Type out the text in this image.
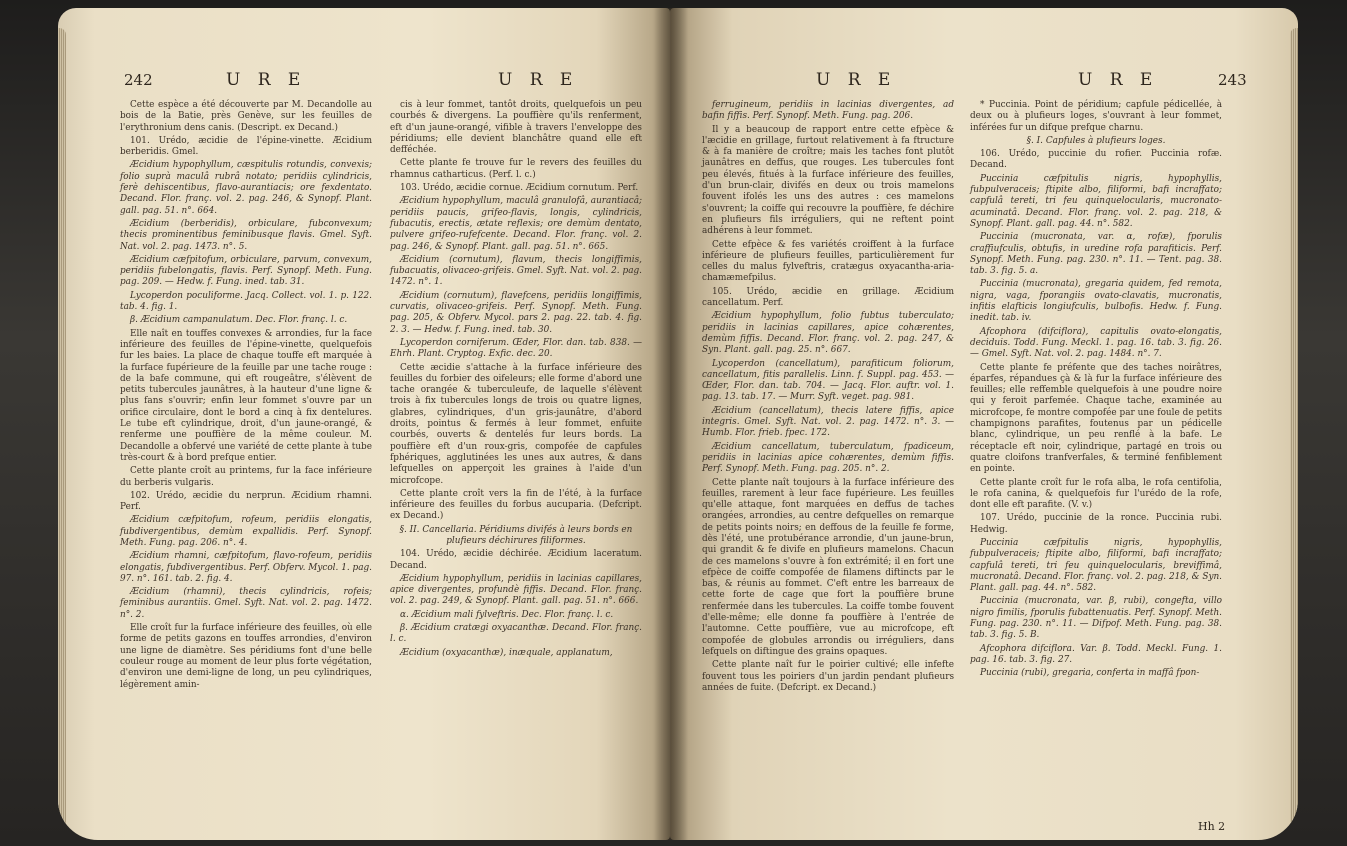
242	U R E	U R E

Cette espèce a été découverte par M. Decandolle au bois de la Batie, près Genève, sur les feuilles de l'erythronium dens canis. (Descript. ex Decand.)

101. Urédo, æcidie de l'épine-vinette. Æcidium berberidis. Gmel.

Æcidium hypophyllum, cæspitulis rotundis, convexis; folio suprà maculâ rubrâ notato; peridiis cylindricis, ferè dehiscentibus, flavo-aurantiacis; ore fexdentato. Decand. Flor. franç. vol. 2. pag. 246, & Synopf. Plant. gall. pag. 51. n°. 664.

Æcidium (berberidis), orbiculare, fubconvexum; thecis prominentibus feminibusque flavis. Gmel. Syft. Nat. vol. 2. pag. 1473. n°. 5.

Æcidium cæfpitofum, orbiculare, parvum, convexum, peridiis fubelongatis, flavis. Perf. Synopf. Meth. Fung. pag. 209. — Hedw. f. Fung. ined. tab. 31.

Lycoperdon poculiforme. Jacq. Collect. vol. 1. p. 122. tab. 4. fig. 1.

β. Æcidium campanulatum. Dec. Flor. franç. l. c.

Elle naît en touffes convexes & arrondies, fur la face inférieure des feuilles de l'épine-vinette, quelquefois fur les baies. La place de chaque touffe eft marquée à la furface fupérieure de la feuille par une tache rouge : de la bafe commune, qui eft rougeâtre, s'élèvent de petits tubercules jaunâtres, à la hauteur d'une ligne & plus fans s'ouvrir; enfin leur fommet s'ouvre par un orifice circulaire, dont le bord a cinq à fix dentelures. Le tube eft cylindrique, droit, d'un jaune-orangé, & renferme une pouffière de la même couleur. M. Decandolle a obfervé une variété de cette plante à tube très-court & à bord prefque entier.

Cette plante croît au printems, fur la face inférieure du berberis vulgaris.

102. Urédo, æcidie du nerprun. Æcidium rhamni. Perf.

Æcidium cæfpitofum, rofeum, peridiis elongatis, fubdivergentibus, demùm expallidis. Perf. Synopf. Meth. Fung. pag. 206. n°. 4.

Æcidium rhamni, cæfpitofum, flavo-rofeum, peridiis elongatis, fubdivergentibus. Perf. Obferv. Mycol. 1. pag. 97. n°. 161. tab. 2. fig. 4.

Æcidium (rhamni), thecis cylindricis, rofeis; feminibus aurantiis. Gmel. Syft. Nat. vol. 2. pag. 1472. n°. 2.

Elle croît fur la furface inférieure des feuilles, où elle forme de petits gazons en touffes arrondies, d'environ une ligne de diamètre. Ses péridiums font d'une belle couleur rouge au moment de leur plus forte végétation, d'environ une demi-ligne de long, un peu cylindriques, légèrement amin-

cis à leur fommet, tantôt droits, quelquefois un peu courbés & divergens. La pouffière qu'ils renferment, eft d'un jaune-orangé, vifible à travers l'enveloppe des péridiums; elle devient blanchâtre quand elle eft defféchée.

Cette plante fe trouve fur le revers des feuilles du rhamnus catharticus. (Perf. l. c.)

103. Urédo, æcidie cornue. Æcidium cornutum. Perf.

Æcidium hypophyllum, maculâ granulofâ, aurantiacâ; peridiis paucis, grifeo-flavis, longis, cylindricis, fubacutis, erectis, ætate reflexis; ore demùm dentato, pulvere grifeo-rufefcente. Decand. Flor. franç. vol. 2. pag. 246, & Synopf. Plant. gall. pag. 51. n°. 665.

Æcidium (cornutum), flavum, thecis longiffimis, fubacuatis, olivaceo-grifeis. Gmel. Syft. Nat. vol. 2. pag. 1472. n°. 1.

Æcidium (cornutum), flavefcens, peridiis longiffimis, curvatis, olivaceo-grifeis. Perf. Synopf. Meth. Fung. pag. 205, & Obferv. Mycol. pars 2. pag. 22. tab. 4. fig. 2. 3. — Hedw. f. Fung. ined. tab. 30.

Lycoperdon corniferum. Œder, Flor. dan. tab. 838. — Ehrh. Plant. Cryptog. Exfic. dec. 20.

Cette æcidie s'attache à la furface inférieure des feuilles du forbier des oifeleurs; elle forme d'abord une tache orangée & tuberculeufe, de laquelle s'élèvent trois à fix tubercules longs de trois ou quatre lignes, glabres, cylindriques, d'un gris-jaunâtre, d'abord droits, pointus & fermés à leur fommet, enfuite courbés, ouverts & dentelés fur leurs bords. La pouffière eft d'un roux-gris, compofée de capfules fphériques, agglutinées les unes aux autres, & dans lefquelles on apperçoit les graines à l'aide d'un microfcope.

Cette plante croît vers la fin de l'été, à la furface inférieure des feuilles du forbus aucuparia. (Defcript. ex Decand.)

§. II. Cancellaria. Péridiums divifés à leurs bords en plufieurs déchirures filiformes.

104. Urédo, æcidie déchirée. Æcidium laceratum. Decand.

Æcidium hypophyllum, peridiis in lacinias capillares, apice divergentes, profundè fiffis. Decand. Flor. franç. vol. 2. pag. 249, & Synopf. Plant. gall. pag. 51. n°. 666.

α. Æcidium mali fylveftris. Dec. Flor. franç. l. c.

β. Æcidium cratægi oxyacanthæ. Decand. Flor. franç. l. c.

Æcidium (oxyacanthæ), inæquale, applanatum,

U R E	U R E	243

ferrugineum, peridiis in lacinias divergentes, ad bafin fiffis. Perf. Synopf. Meth. Fung. pag. 206.

Il y a beaucoup de rapport entre cette efpèce & l'æcidie en grillage, furtout relativement à fa ftructure & à fa manière de croître; mais les taches font plutôt jaunâtres en deffus, que rouges. Les tubercules font peu élevés, fitués à la furface inférieure des feuilles, d'un brun-clair, divifés en deux ou trois mamelons fouvent ifolés les uns des autres : ces mamelons s'ouvrent; la coiffe qui recouvre la pouffière, fe déchire en plufieurs fils irréguliers, qui ne reftent point adhérens à leur fommet.

Cette efpèce & fes variétés croiffent à la furface inférieure de plufieurs feuilles, particulièrement fur celles du malus fylveftris, cratægus oxyacantha-aria-chamæmefpilus.

105. Urédo, æcidie en grillage. Æcidium cancellatum. Perf.

Æcidium hypophyllum, folio fubtus tuberculato; peridiis in lacinias capillares, apice cohærentes, demùm fiffis. Decand. Flor. franç. vol. 2. pag. 247, & Syn. Plant. gall. pag. 25. n°. 667.

Lycoperdon (cancellatum), parafiticum foliorum, cancellatum, fitis parallelis. Linn. f. Suppl. pag. 453. — Œder, Flor. dan. tab. 704. — Jacq. Flor. auftr. vol. 1. pag. 13. tab. 17. — Murr. Syft. veget. pag. 981.

Æcidium (cancellatum), thecis latere fiffis, apice integris. Gmel. Syft. Nat. vol. 2. pag. 1472. n°. 3. — Humb. Flor. frieb. fpec. 172.

Æcidium cancellatum, tuberculatum, fpadiceum, peridiis in lacinias apice cohærentes, demùm fiffis. Perf. Synopf. Meth. Fung. pag. 205. n°. 2.

Cette plante naît toujours à la furface inférieure des feuilles, rarement à leur face fupérieure. Les feuilles qu'elle attaque, font marquées en deffus de taches orangées, arrondies, au centre defquelles on remarque de petits points noirs; en deffous de la feuille fe forme, dès l'été, une protubérance arrondie, d'un jaune-brun, qui grandit & fe divife en plufieurs mamelons. Chacun de ces mamelons s'ouvre à fon extrémité; il en fort une efpèce de coiffe compofée de filamens diftincts par le bas, & réunis au fommet. C'eft entre les barreaux de cette forte de cage que fort la pouffière brune renfermée dans les tubercules. La coiffe tombe fouvent d'elle-même; elle donne fa pouffière à l'entrée de l'automne. Cette pouffière, vue au microfcope, eft compofée de globules arrondis ou irréguliers, dans lefquels on diftingue des grains opaques.

Cette plante naît fur le poirier cultivé; elle infefte fouvent tous les poiriers d'un jardin pendant plufieurs années de fuite. (Defcript. ex Decand.)

* Puccinia. Point de péridium; capfule pédicellée, à deux ou à plufieurs loges, s'ouvrant à leur fommet, inférées fur un difque prefque charnu.

§. I. Capfules à plufieurs loges.

106. Urédo, puccinie du rofier. Puccinia rofæ. Decand.

Puccinia cæfpitulis nigris, hypophyllis, fubpulveraceis; ftipite albo, filiformi, bafi incraffato; capfulâ tereti, tri feu quinquelocularis, mucronato-acuminatâ. Decand. Flor. franç. vol. 2. pag. 218, & Synopf. Plant. gall. pag. 44. n°. 582.

Puccinia (mucronata, var. α, rofæ), fporulis craffiufculis, obtufis, in uredine rofa parafiticis. Perf. Synopf. Meth. Fung. pag. 230. n°. 11. — Tent. pag. 38. tab. 3. fig. 5. a.

Puccinia (mucronata), gregaria quidem, fed remota, nigra, vaga, fporangiis ovato-clavatis, mucronatis, infitis elafticis longiufculis, bulbofis. Hedw. f. Fung. inedit. tab. iv.

Afcophora (difciflora), capitulis ovato-elongatis, deciduis. Todd. Fung. Meckl. 1. pag. 16. tab. 3. fig. 26. — Gmel. Syft. Nat. vol. 2. pag. 1484. n°. 7.

Cette plante fe préfente que des taches noirâtres, éparfes, répandues çà & là fur la furface inférieure des feuilles; elle reffemble quelquefois à une poudre noire qui y feroit parfemée. Chaque tache, examinée au microfcope, fe montre compofée par une foule de petits champignons parafites, foutenus par un pédicelle blanc, cylindrique, un peu renflé à la bafe. Le réceptacle eft noir, cylindrique, partagé en trois ou quatre cloifons tranfverfales, & terminé fenfiblement en pointe.

Cette plante croît fur le rofa alba, le rofa centifolia, le rofa canina, & quelquefois fur l'urédo de la rofe, dont elle eft parafite. (V. v.)

107. Urédo, puccinie de la ronce. Puccinia rubi. Hedwig.

Puccinia cæfpitulis nigris, hypophyllis, fubpulveraceis; ftipite albo, filiformi, bafi incraffato; capfulâ tereti, tri feu quinquelocularis, breviffimâ, mucronatâ. Decand. Flor. franç. vol. 2. pag. 218, & Syn. Plant. gall. pag. 44. n°. 582.

Puccinia (mucronata, var. β, rubi), congefta, villo nigro fimilis, fporulis fubattenuatis. Perf. Synopf. Meth. Fung. pag. 230. n°. 11. — Difpof. Meth. Fung. pag. 38. tab. 3. fig. 5. B.

Afcophora difciflora. Var. β. Todd. Meckl. Fung. 1. pag. 16. tab. 3. fig. 27.

Puccinia (rubi), gregaria, conferta in maffâ fpon-

Hh 2
